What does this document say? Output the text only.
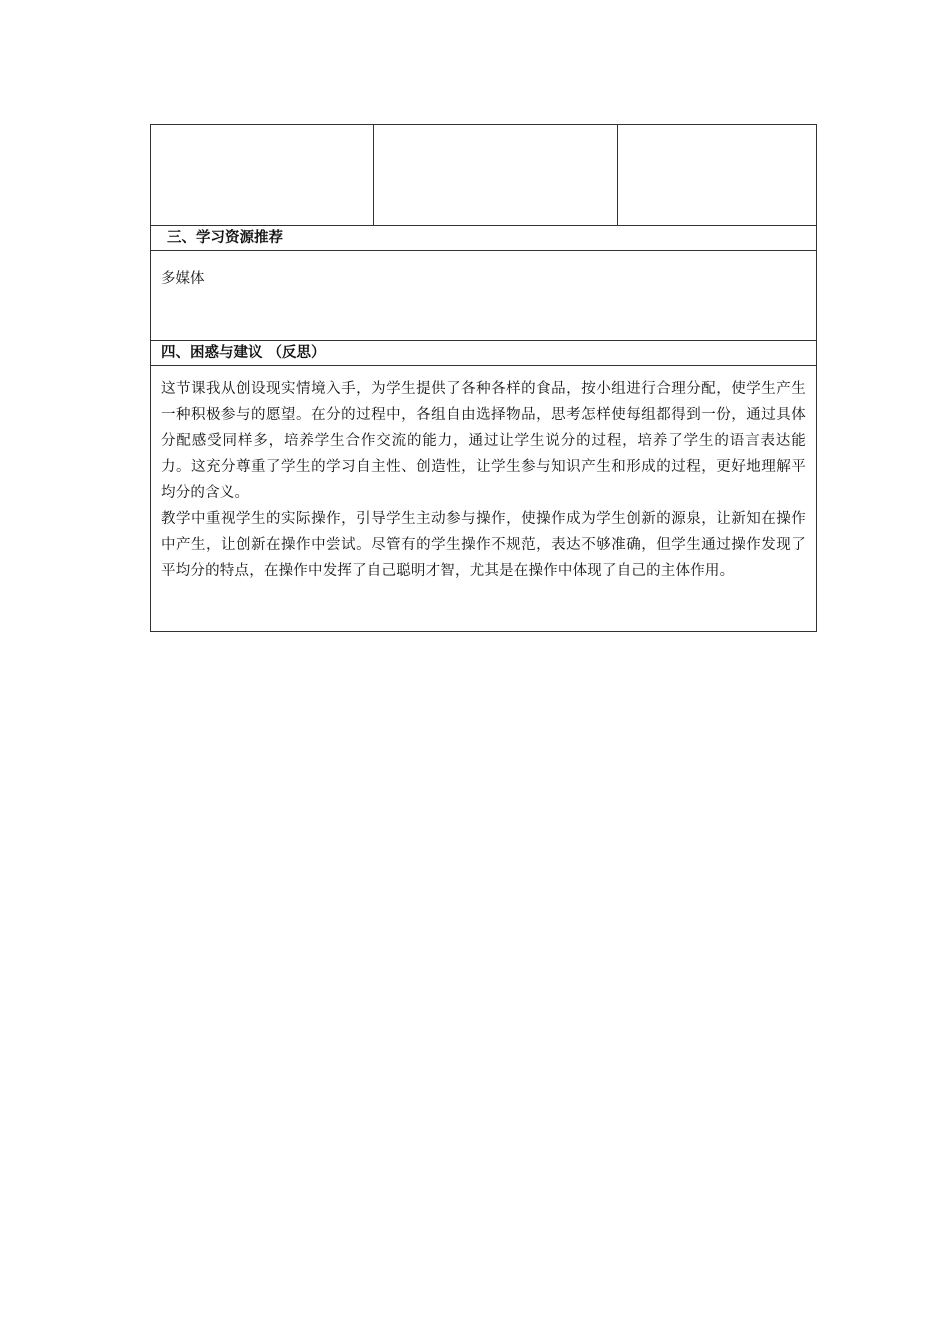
三、学习资源推荐
多媒体
四、困惑与建议 （反思）

这节课我从创设现实情境入手，为学生提供了各种各样的食品，按小组进行合理分配，使学生产生一种积极参与的愿望。在分的过程中，各组自由选择物品，思考怎样使每组都得到一份，通过具体分配感受同样多，培养学生合作交流的能力，通过让学生说分的过程，培养了学生的语言表达能力。这充分尊重了学生的学习自主性、创造性，让学生参与知识产生和形成的过程，更好地理解平均分的含义。

教学中重视学生的实际操作，引导学生主动参与操作，使操作成为学生创新的源泉，让新知在操作中产生，让创新在操作中尝试。尽管有的学生操作不规范，表达不够准确，但学生通过操作发现了平均分的特点，在操作中发挥了自己聪明才智，尤其是在操作中体现了自己的主体作用。
